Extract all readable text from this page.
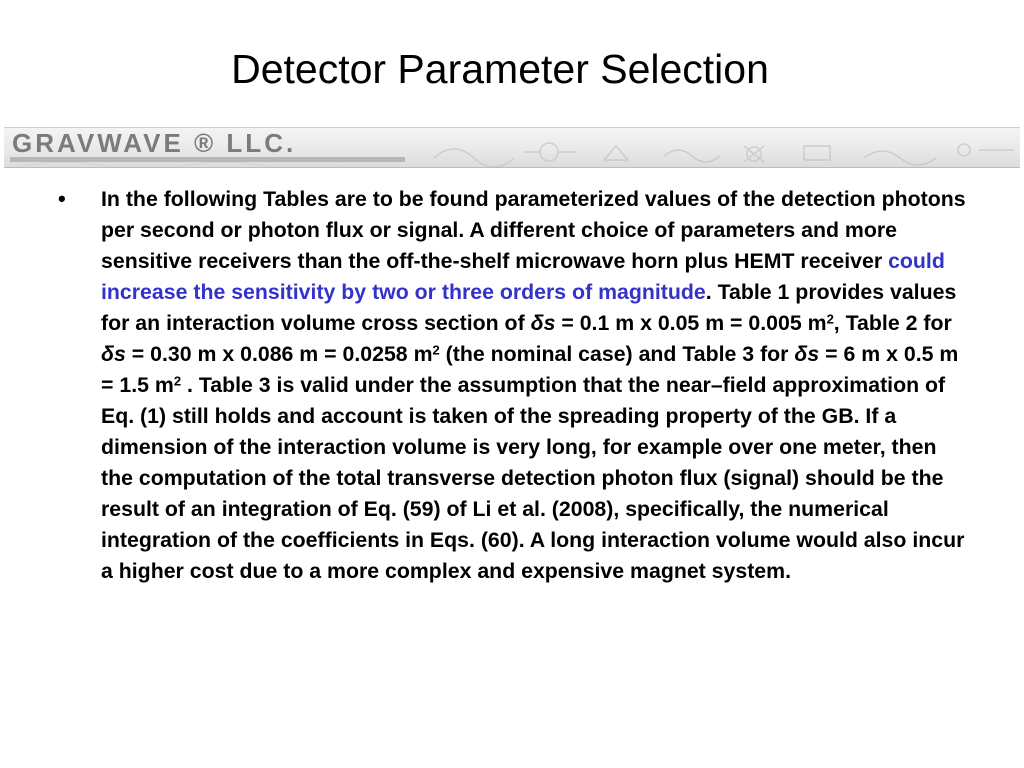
Detector Parameter Selection
GRAVWAVE ® LLC.
• In the following Tables are to be found parameterized values of the detection photons per second or photon flux or signal. A different choice of parameters and more sensitive receivers than the off-the-shelf microwave horn plus HEMT receiver could increase the sensitivity by two or three orders of magnitude. Table 1 provides values for an interaction volume cross section of δs = 0.1 m x 0.05 m = 0.005 $m^2$, Table 2 for δs = 0.30 m x 0.086 m = 0.0258 $m^2$ (the nominal case) and Table 3 for δs = 6 m x 0.5 m = 1.5 $m^2$ . Table 3 is valid under the assumption that the near–field approximation of Eq. (1) still holds and account is taken of the spreading property of the GB. If a dimension of the interaction volume is very long, for example over one meter, then the computation of the total transverse detection photon flux (signal) should be the result of an integration of Eq. (59) of Li et al. (2008), specifically, the numerical integration of the coefficients in Eqs. (60). A long interaction volume would also incur a higher cost due to a more complex and expensive magnet system.
